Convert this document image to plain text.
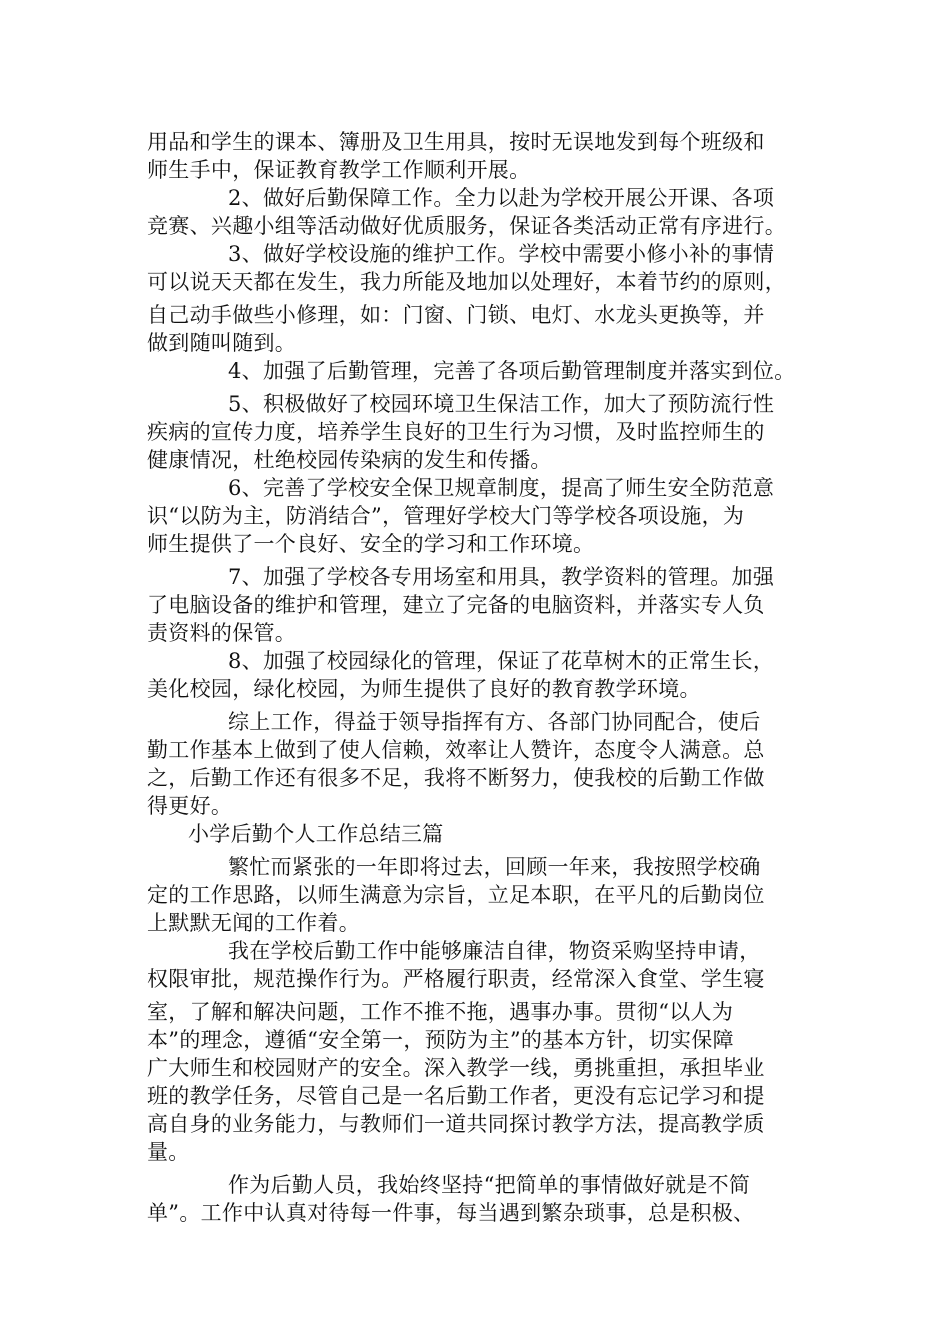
用品和学生的课本、簿册及卫生用具，按时无误地发到每个班级和
师生手中，保证教育教学工作顺利开展。
2、做好后勤保障工作。全力以赴为学校开展公开课、各项
竞赛、兴趣小组等活动做好优质服务，保证各类活动正常有序进行。
3、做好学校设施的维护工作。学校中需要小修小补的事情
可以说天天都在发生，我力所能及地加以处理好，本着节约的原则，
自己动手做些小修理，如：门窗、门锁、电灯、水龙头更换等，并
做到随叫随到。
4、加强了后勤管理，完善了各项后勤管理制度并落实到位。
5、积极做好了校园环境卫生保洁工作，加大了预防流行性
疾病的宣传力度，培养学生良好的卫生行为习惯，及时监控师生的
健康情况，杜绝校园传染病的发生和传播。
6、完善了学校安全保卫规章制度，提高了师生安全防范意
识“以防为主，防消结合”，管理好学校大门等学校各项设施，为
师生提供了一个良好、安全的学习和工作环境。
7、加强了学校各专用场室和用具，教学资料的管理。加强
了电脑设备的维护和管理，建立了完备的电脑资料，并落实专人负
责资料的保管。
8、加强了校园绿化的管理，保证了花草树木的正常生长，
美化校园，绿化校园，为师生提供了良好的教育教学环境。
综上工作，得益于领导指挥有方、各部门协同配合，使后
勤工作基本上做到了使人信赖，效率让人赞许，态度令人满意。总
之，后勤工作还有很多不足，我将不断努力，使我校的后勤工作做
得更好。
小学后勤个人工作总结三篇
繁忙而紧张的一年即将过去，回顾一年来，我按照学校确
定的工作思路，以师生满意为宗旨，立足本职，在平凡的后勤岗位
上默默无闻的工作着。
我在学校后勤工作中能够廉洁自律，物资采购坚持申请，
权限审批，规范操作行为。严格履行职责，经常深入食堂、学生寝
室，了解和解决问题，工作不推不拖，遇事办事。贯彻“以人为
本”的理念，遵循“安全第一，预防为主”的基本方针，切实保障
广大师生和校园财产的安全。深入教学一线，勇挑重担，承担毕业
班的教学任务，尽管自己是一名后勤工作者，更没有忘记学习和提
高自身的业务能力，与教师们一道共同探讨教学方法，提高教学质
量。
作为后勤人员，我始终坚持“把简单的事情做好就是不简
单”。工作中认真对待每一件事，每当遇到繁杂琐事，总是积极、
